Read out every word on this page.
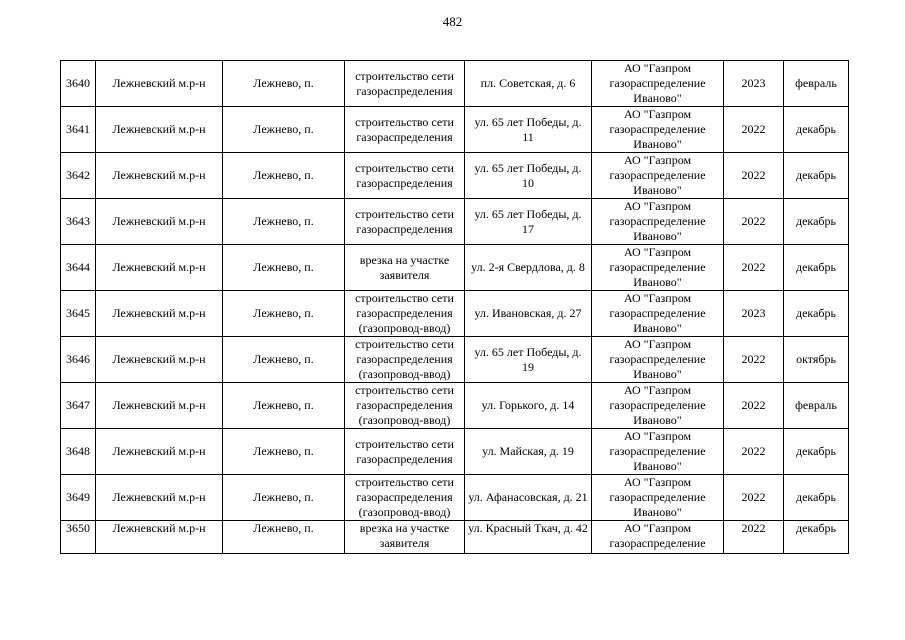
482
3640	Лежневский м.р-н	Лежнево, п.	строительство сети газораспределения	пл. Советская, д. 6	АО "Газпром газораспределение Иваново"	2023	февраль
3641	Лежневский м.р-н	Лежнево, п.	строительство сети газораспределения	ул. 65 лет Победы, д. 11	АО "Газпром газораспределение Иваново"	2022	декабрь
3642	Лежневский м.р-н	Лежнево, п.	строительство сети газораспределения	ул. 65 лет Победы, д. 10	АО "Газпром газораспределение Иваново"	2022	декабрь
3643	Лежневский м.р-н	Лежнево, п.	строительство сети газораспределения	ул. 65 лет Победы, д. 17	АО "Газпром газораспределение Иваново"	2022	декабрь
3644	Лежневский м.р-н	Лежнево, п.	врезка на участке заявителя	ул. 2-я Свердлова, д. 8	АО "Газпром газораспределение Иваново"	2022	декабрь
3645	Лежневский м.р-н	Лежнево, п.	строительство сети газораспределения (газопровод-ввод)	ул. Ивановская, д. 27	АО "Газпром газораспределение Иваново"	2023	декабрь
3646	Лежневский м.р-н	Лежнево, п.	строительство сети газораспределения (газопровод-ввод)	ул. 65 лет Победы, д. 19	АО "Газпром газораспределение Иваново"	2022	октябрь
3647	Лежневский м.р-н	Лежнево, п.	строительство сети газораспределения (газопровод-ввод)	ул. Горького, д. 14	АО "Газпром газораспределение Иваново"	2022	февраль
3648	Лежневский м.р-н	Лежнево, п.	строительство сети газораспределения	ул. Майская, д. 19	АО "Газпром газораспределение Иваново"	2022	декабрь
3649	Лежневский м.р-н	Лежнево, п.	строительство сети газораспределения (газопровод-ввод)	ул. Афанасовская, д. 21	АО "Газпром газораспределение Иваново"	2022	декабрь
3650	Лежневский м.р-н	Лежнево, п.	врезка на участке заявителя	ул. Красный Ткач, д. 42	АО "Газпром газораспределение	2022	декабрь
